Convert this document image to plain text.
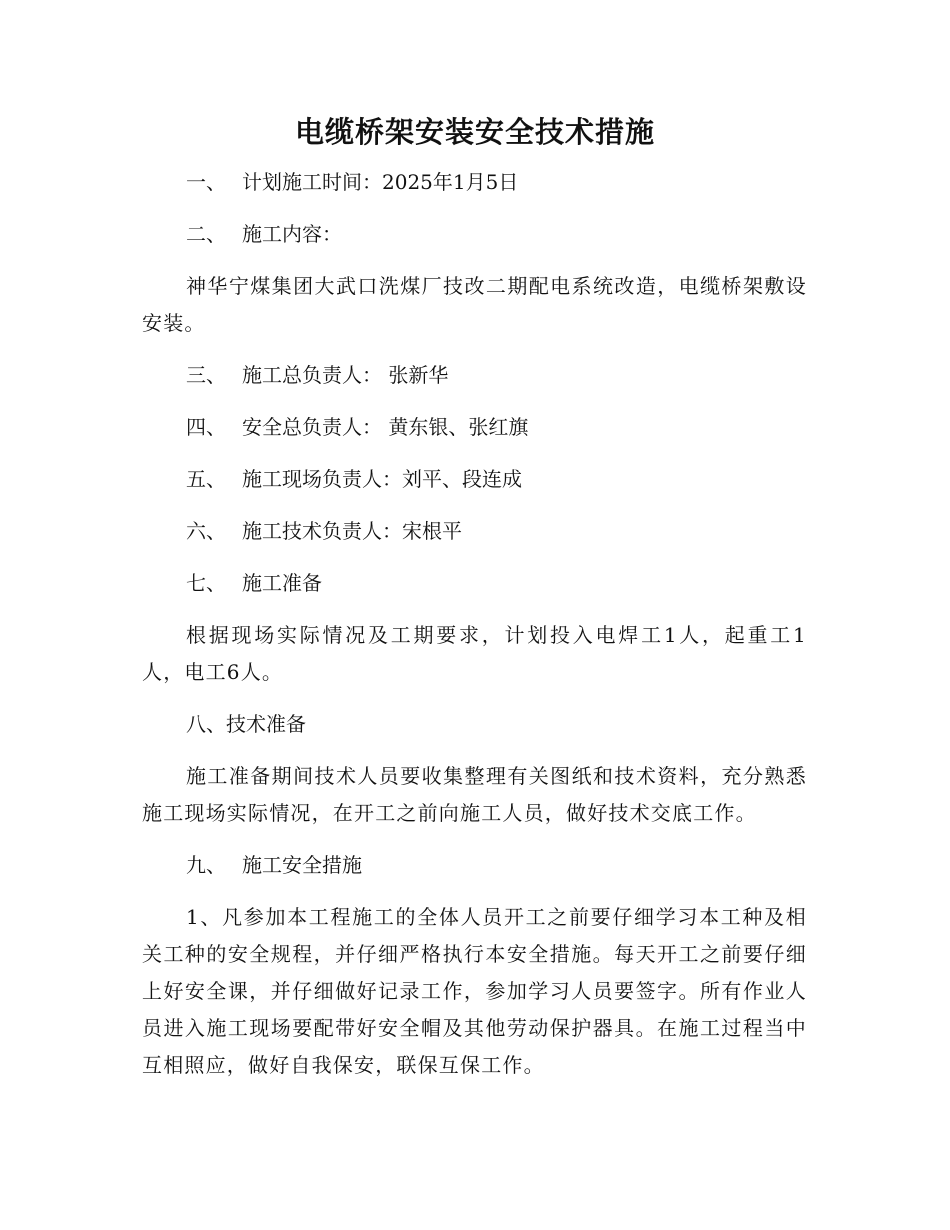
电缆桥架安装安全技术措施
一、 计划施工时间：2025年1月5日
二、 施工内容：
神华宁煤集团大武口洗煤厂技改二期配电系统改造，电缆桥架敷设安装。
三、 施工总负责人： 张新华
四、 安全总负责人： 黄东银、张红旗
五、 施工现场负责人：刘平、段连成
六、 施工技术负责人：宋根平
七、 施工准备
根据现场实际情况及工期要求，计划投入电焊工1人，起重工1人，电工6人。
八、技术准备
施工准备期间技术人员要收集整理有关图纸和技术资料，充分熟悉施工现场实际情况，在开工之前向施工人员，做好技术交底工作。
九、 施工安全措施
1、凡参加本工程施工的全体人员开工之前要仔细学习本工种及相关工种的安全规程，并仔细严格执行本安全措施。每天开工之前要仔细上好安全课，并仔细做好记录工作，参加学习人员要签字。所有作业人员进入施工现场要配带好安全帽及其他劳动保护器具。在施工过程当中互相照应，做好自我保安，联保互保工作。
